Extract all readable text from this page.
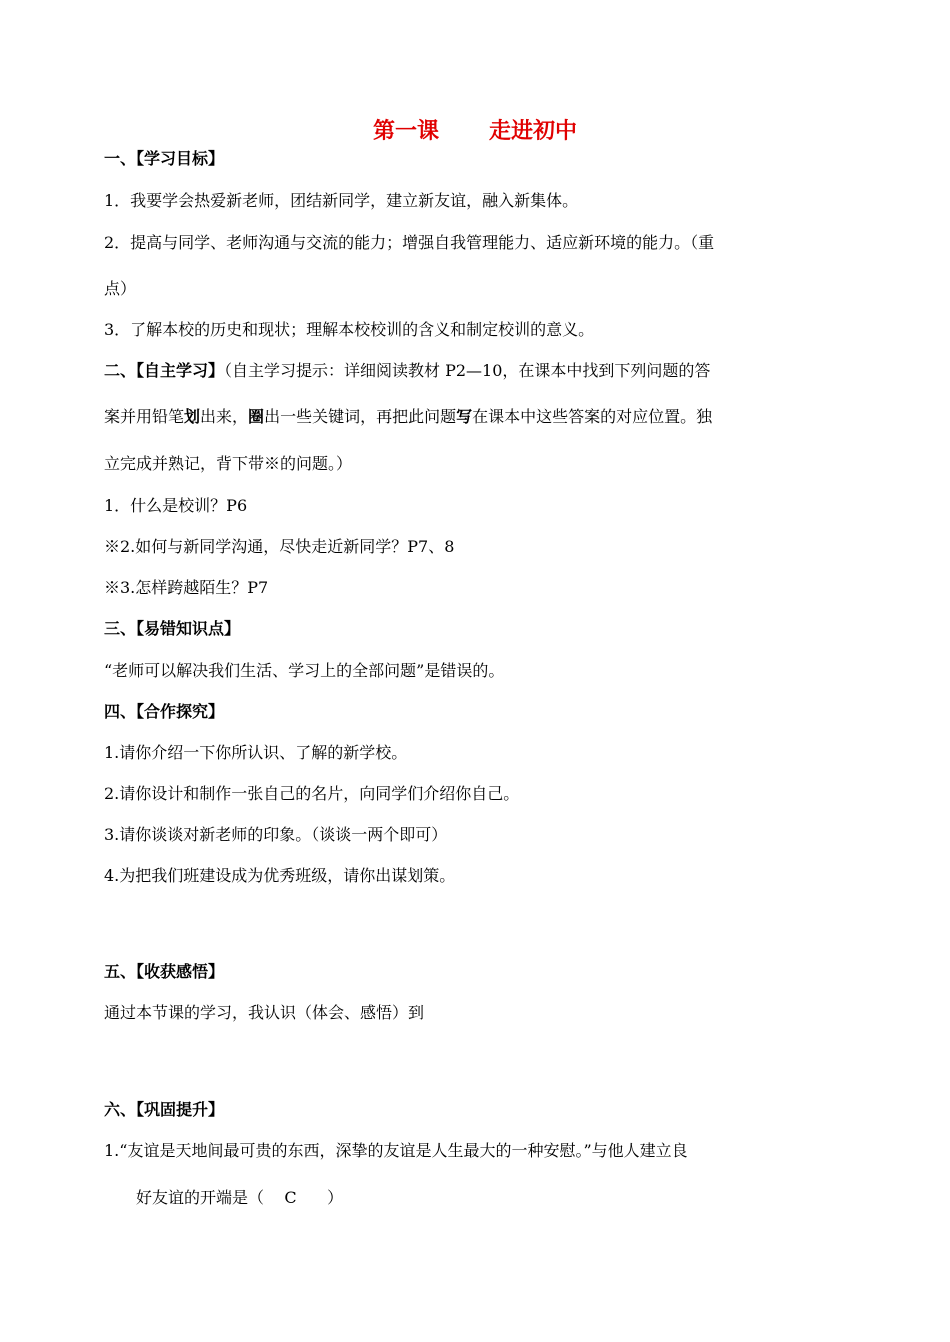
第一课 走进初中
一、【学习目标】
1．我要学会热爱新老师，团结新同学，建立新友谊，融入新集体。
2．提高与同学、老师沟通与交流的能力；增强自我管理能力、适应新环境的能力。（重
点）
3．了解本校的历史和现状；理解本校校训的含义和制定校训的意义。
二、【自主学习】（自主学习提示：详细阅读教材 P2—10，在课本中找到下列问题的答
案并用铅笔划出来，圈出一些关键词，再把此问题写在课本中这些答案的对应位置。独
立完成并熟记，背下带※的问题。）
1．什么是校训？P6
※2.如何与新同学沟通，尽快走近新同学？P7、8
※3.怎样跨越陌生？P7
三、【易错知识点】
“老师可以解决我们生活、学习上的全部问题”是错误的。
四、【合作探究】
1.请你介绍一下你所认识、了解的新学校。
2.请你设计和制作一张自己的名片，向同学们介绍你自己。
3.请你谈谈对新老师的印象。（谈谈一两个即可）
4.为把我们班建设成为优秀班级，请你出谋划策。
五、【收获感悟】
通过本节课的学习，我认识（体会、感悟）到
六、【巩固提升】
1.“友谊是天地间最可贵的东西，深挚的友谊是人生最大的一种安慰。”与他人建立良
好友谊的开端是（    C      ）
